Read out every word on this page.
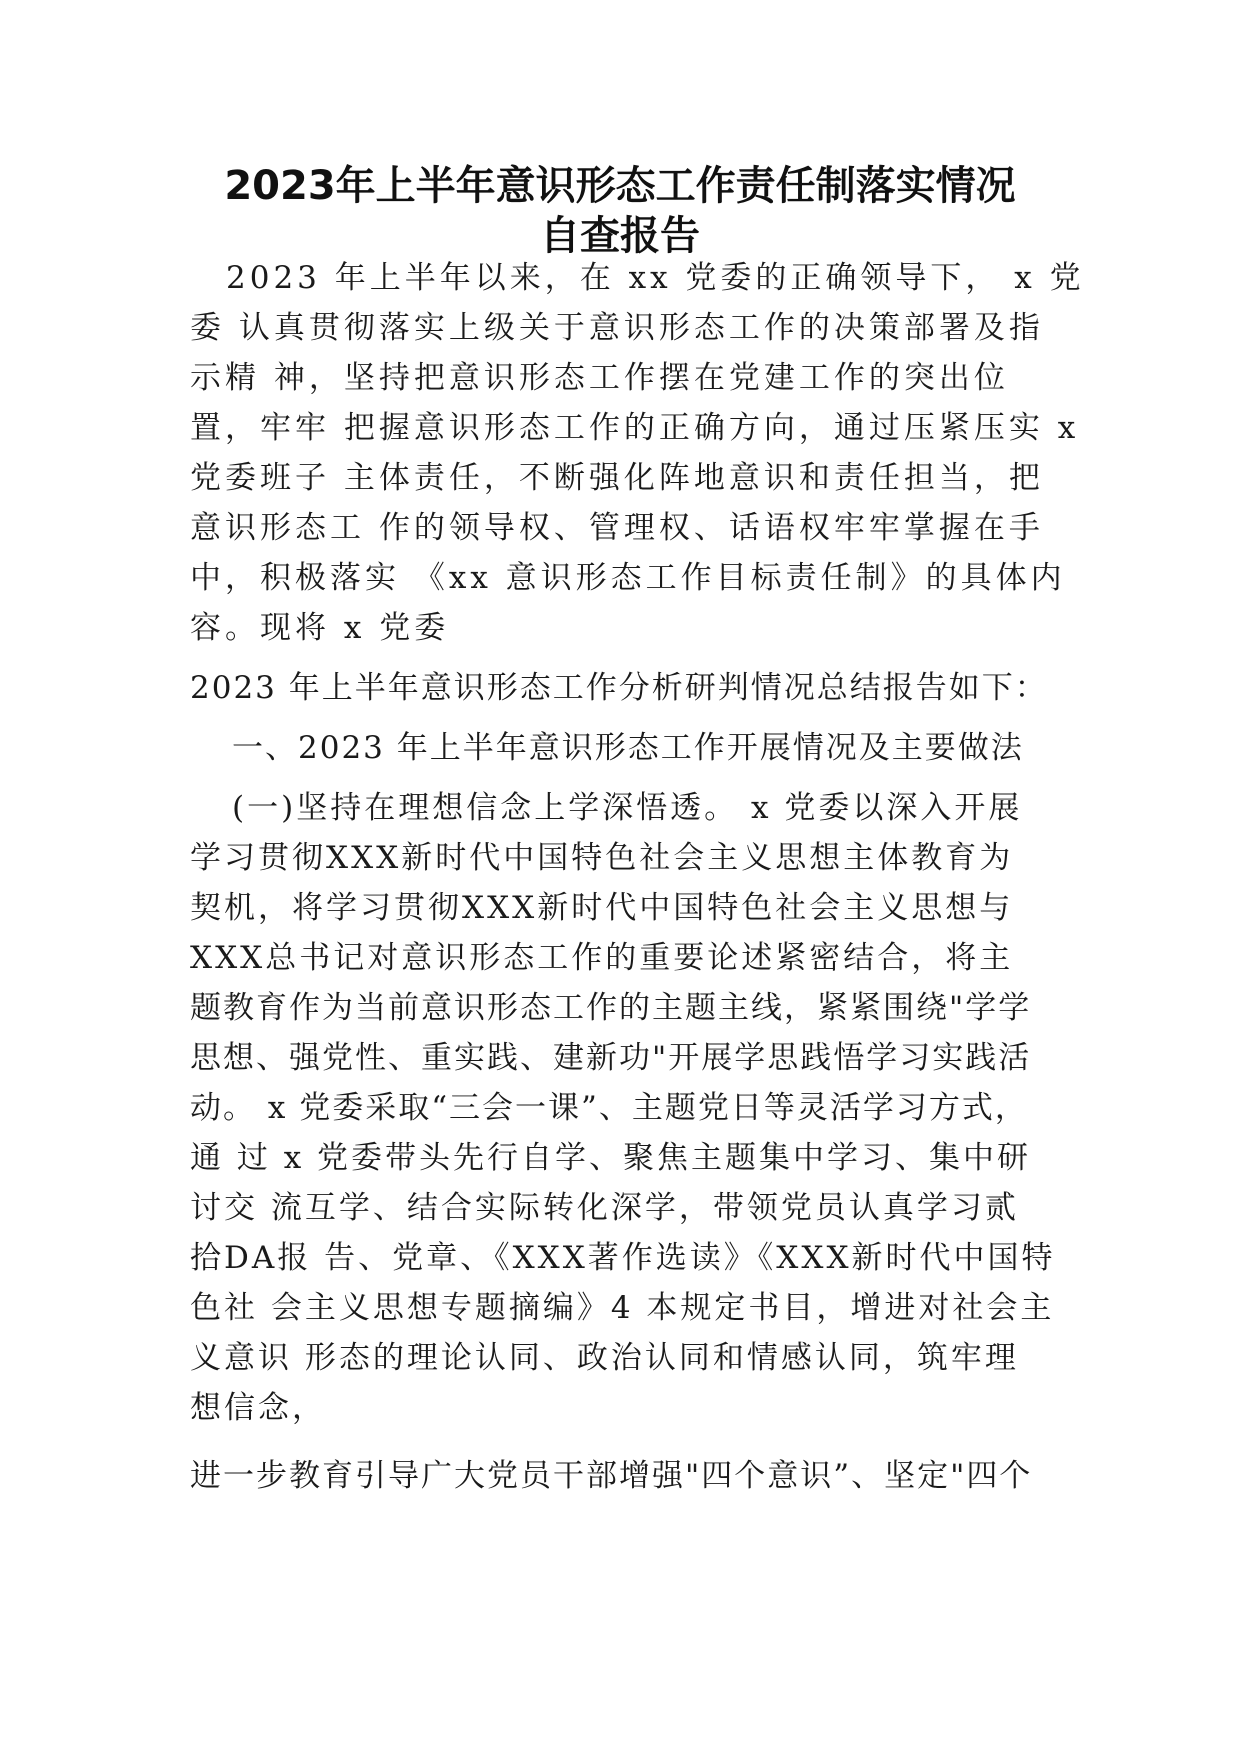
2023年上半年意识形态工作责任制落实情况
自查报告
2023 年上半年以来，在 xx 党委的正确领导下， x 党
委 认真贯彻落实上级关于意识形态工作的决策部署及指
示精 神，坚持把意识形态工作摆在党建工作的突出位
置，牢牢 把握意识形态工作的正确方向，通过压紧压实 x
党委班子 主体责任，不断强化阵地意识和责任担当，把
意识形态工 作的领导权、管理权、话语权牢牢掌握在手
中，积极落实 《xx 意识形态工作目标责任制》的具体内
容。现将 x 党委
2023 年上半年意识形态工作分析研判情况总结报告如下：
一、2023 年上半年意识形态工作开展情况及主要做法
(一)坚持在理想信念上学深悟透。 x 党委以深入开展
学习贯彻XXX新时代中国特色社会主义思想主体教育为
契机，将学习贯彻XXX新时代中国特色社会主义思想与
XXX总书记对意识形态工作的重要论述紧密结合，将主
题教育作为当前意识形态工作的主题主线，紧紧围绕"学学
思想、强党性、重实践、建新功"开展学思践悟学习实践活
动。 x 党委采取“三会一课”、主题党日等灵活学习方式，
通 过 x 党委带头先行自学、聚焦主题集中学习、集中研
讨交 流互学、结合实际转化深学，带领党员认真学习贰
拾DA报 告、党章、《XXX著作选读》《XXX新时代中国特
色社 会主义思想专题摘编》4 本规定书目，增进对社会主
义意识 形态的理论认同、政治认同和情感认同，筑牢理
想信念，
进一步教育引导广大党员干部增强"四个意识”、坚定"四个
